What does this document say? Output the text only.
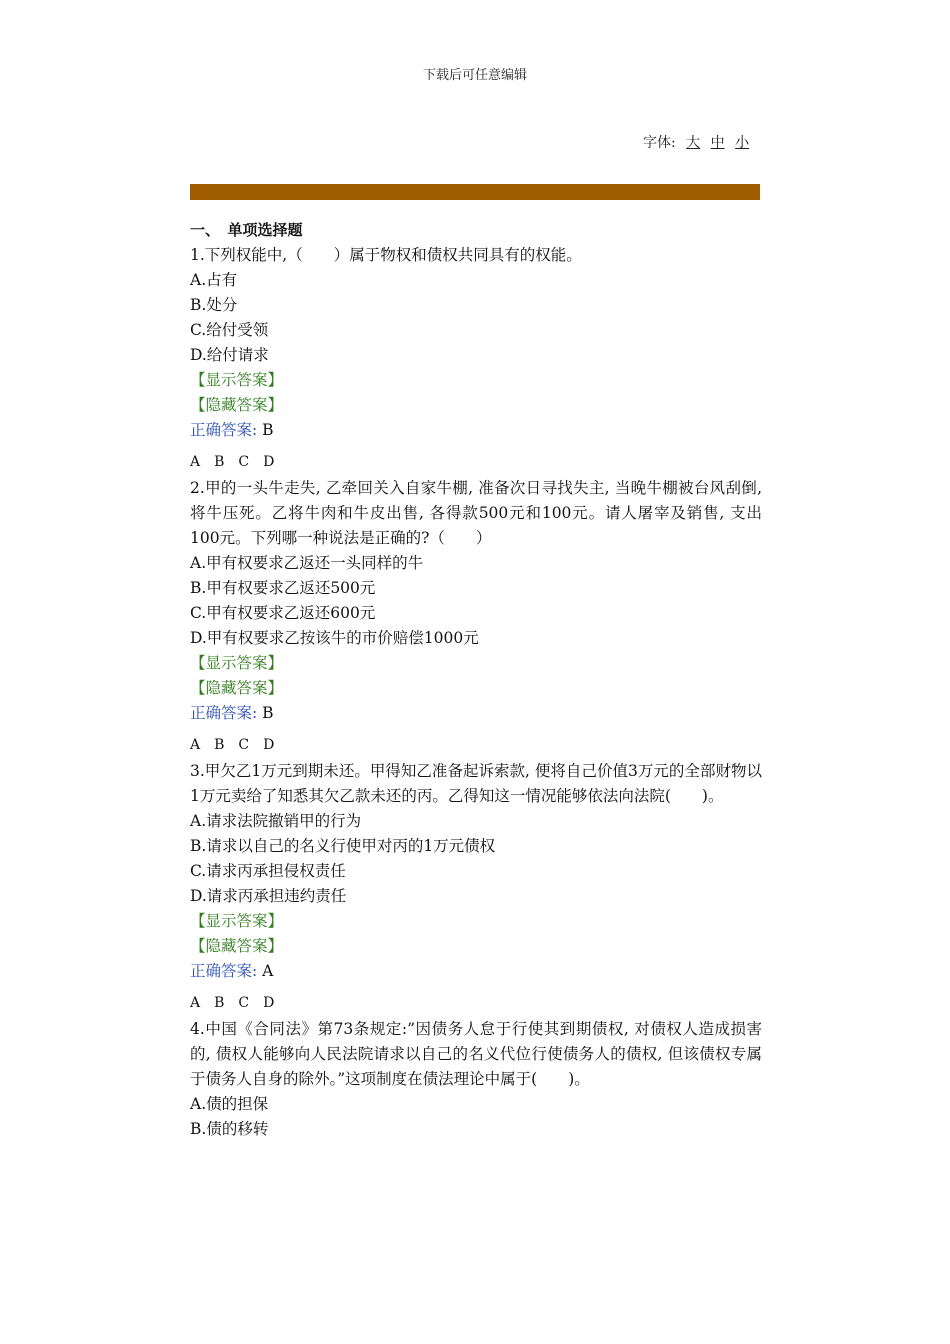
下载后可任意编辑
字体: 大 中 小
一、　单项选择题
1.下列权能中,（　　）属于物权和债权共同具有的权能。
A.占有
B.处分
C.给付受领
D.给付请求
【显示答案】
【隐藏答案】
正确答案: B
A B C D
2.甲的一头牛走失, 乙牵回关入自家牛棚, 准备次日寻找失主, 当晚牛棚被台风刮倒, 将牛压死。乙将牛肉和牛皮出售, 各得款500元和100元。请人屠宰及销售, 支出100元。下列哪一种说法是正确的?（　　）
A.甲有权要求乙返还一头同样的牛
B.甲有权要求乙返还500元
C.甲有权要求乙返还600元
D.甲有权要求乙按该牛的市价赔偿1000元
【显示答案】
【隐藏答案】
正确答案: B
A B C D
3.甲欠乙1万元到期未还。甲得知乙准备起诉索款, 便将自己价值3万元的全部财物以1万元卖给了知悉其欠乙款未还的丙。乙得知这一情况能够依法向法院(　　)。
A.请求法院撤销甲的行为
B.请求以自己的名义行使甲对丙的1万元债权
C.请求丙承担侵权责任
D.请求丙承担违约责任
【显示答案】
【隐藏答案】
正确答案: A
A B C D
4.中国《合同法》第73条规定:”因债务人怠于行使其到期债权, 对债权人造成损害的, 债权人能够向人民法院请求以自己的名义代位行使债务人的债权, 但该债权专属于债务人自身的除外。”这项制度在债法理论中属于(　　)。
A.债的担保
B.债的移转
